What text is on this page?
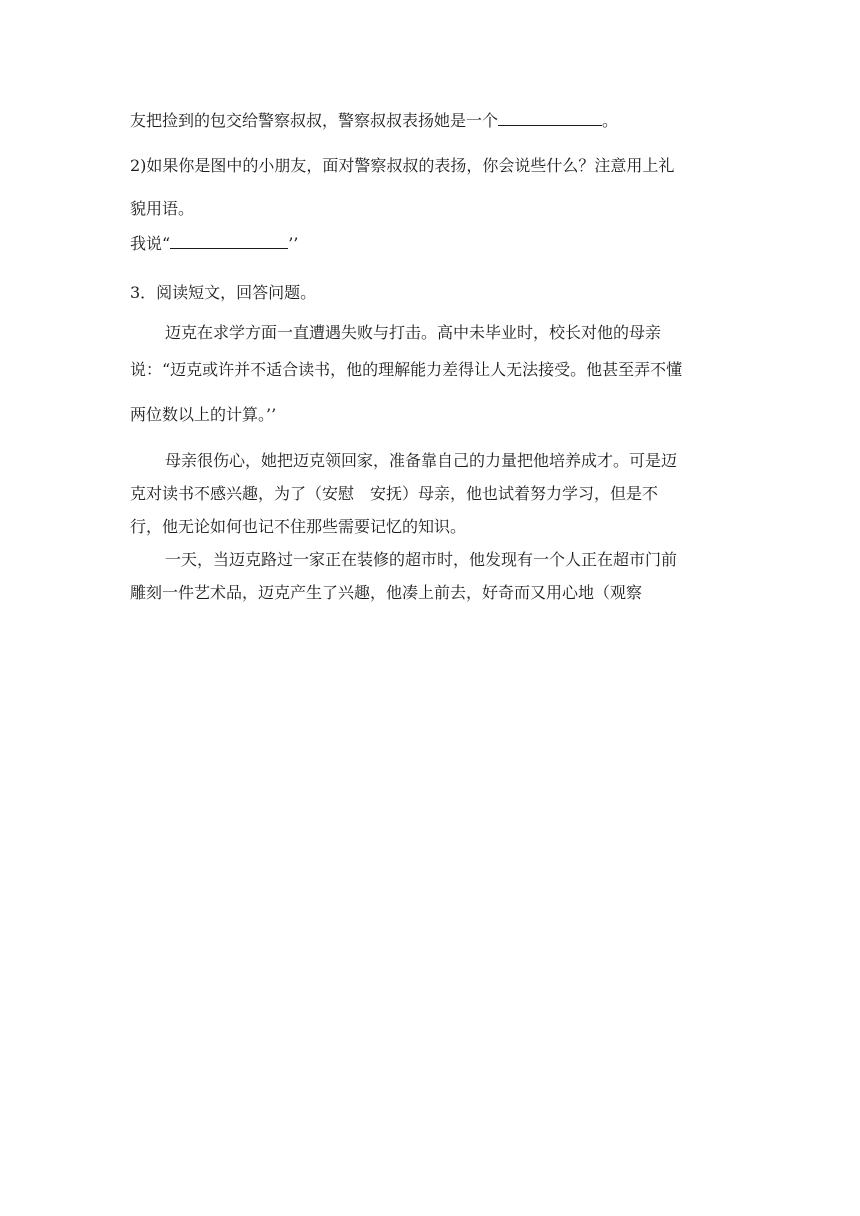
友把捡到的包交给警察叔叔，警察叔叔表扬她是一个	。
2)如果你是图中的小朋友，面对警察叔叔的表扬，你会说些什么？注意用上礼
貌用语。
我说“	’’
3．阅读短文，回答问题。
迈克在求学方面一直遭遇失败与打击。高中未毕业时，校长对他的母亲
说：“迈克或许并不适合读书，他的理解能力差得让人无法接受。他甚至弄不懂
两位数以上的计算。’’
母亲很伤心，她把迈克领回家，准备靠自己的力量把他培养成才。可是迈
克对读书不感兴趣，为了（安慰　安抚）母亲，他也试着努力学习，但是不
行，他无论如何也记不住那些需要记忆的知识。
一天，当迈克路过一家正在装修的超市时，他发现有一个人正在超市门前
雕刻一件艺术品，迈克产生了兴趣，他凑上前去，好奇而又用心地（观察
